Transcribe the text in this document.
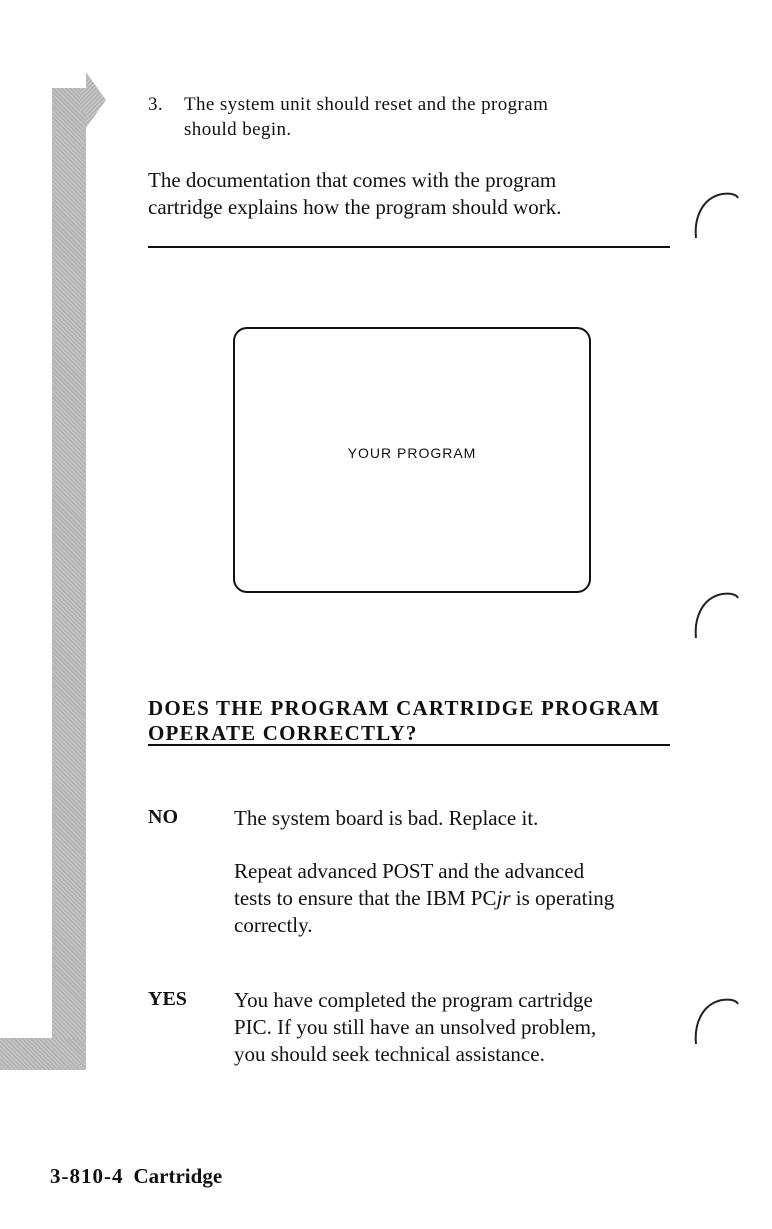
3. The system unit should reset and the program
should begin.
The documentation that comes with the program
cartridge explains how the program should work.
YOUR PROGRAM
DOES THE PROGRAM CARTRIDGE PROGRAM
OPERATE CORRECTLY?
NO	The system board is bad. Replace it.
Repeat advanced POST and the advanced
tests to ensure that the IBM PCjr is operating
correctly.
YES You have completed the program cartridge
PIC. If you still have an unsolved problem,
you should seek technical assistance.
3-810-4 Cartridge
